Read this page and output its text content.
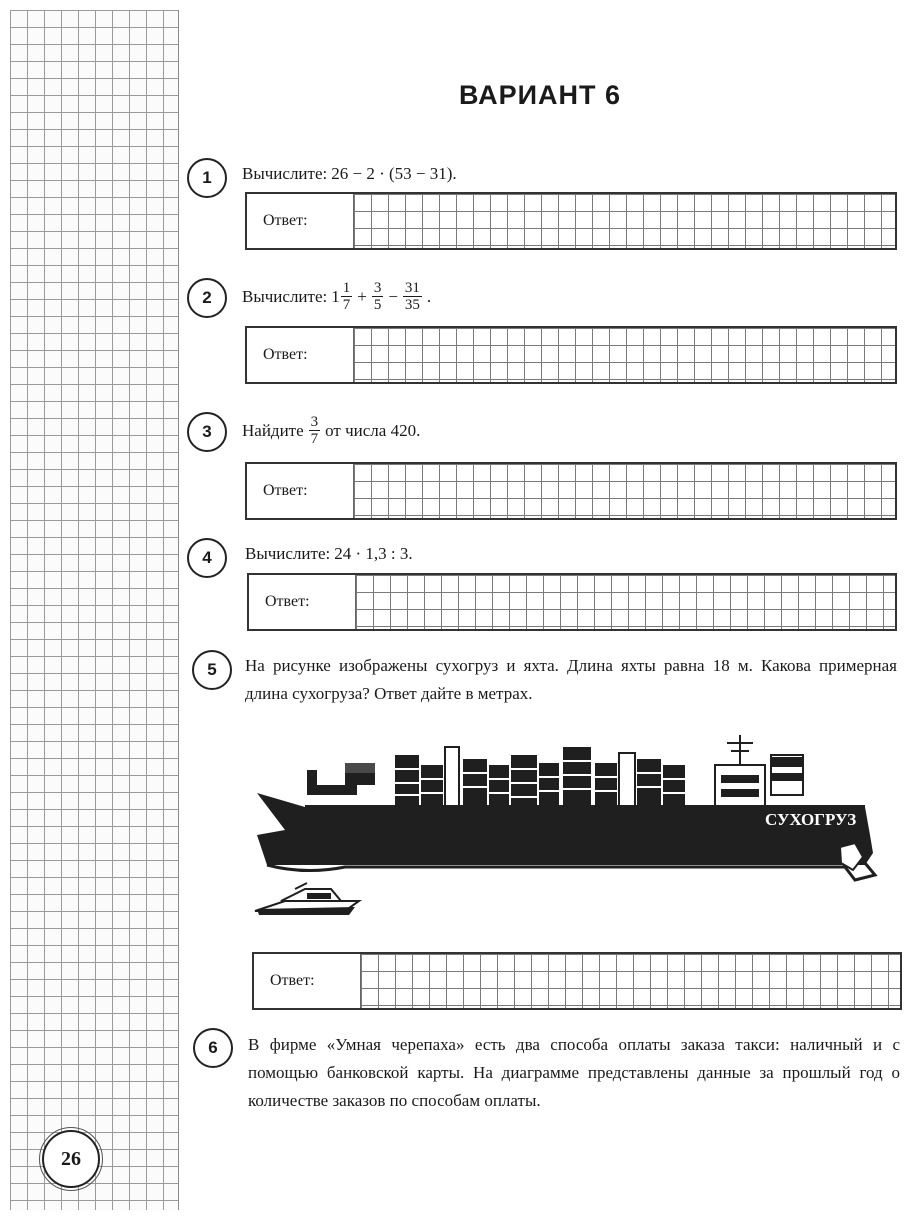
26
ВАРИАНТ 6
1 Вычислите: 26 − 2 · (53 − 31).
Ответ:
2 Вычислите: $1 \frac{1}{7} + \frac{3}{5} - \frac{31}{35}$ .
Ответ:
3 Найдите $\frac{3}{7}$ от числа 420.
Ответ:
4 Вычислите: 24 · 1,3 : 3.
Ответ:
5 На рисунке изображены сухогруз и яхта. Длина яхты равна 18 м. Какова примерная длина сухогруза? Ответ дайте в метрах.
СУХОГРУЗ
Ответ:
6 В фирме «Умная черепаха» есть два способа оплаты заказа такси: наличный и с помощью банковской карты. На диаграмме представлены данные за прошлый год о количестве заказов по способам оплаты.
